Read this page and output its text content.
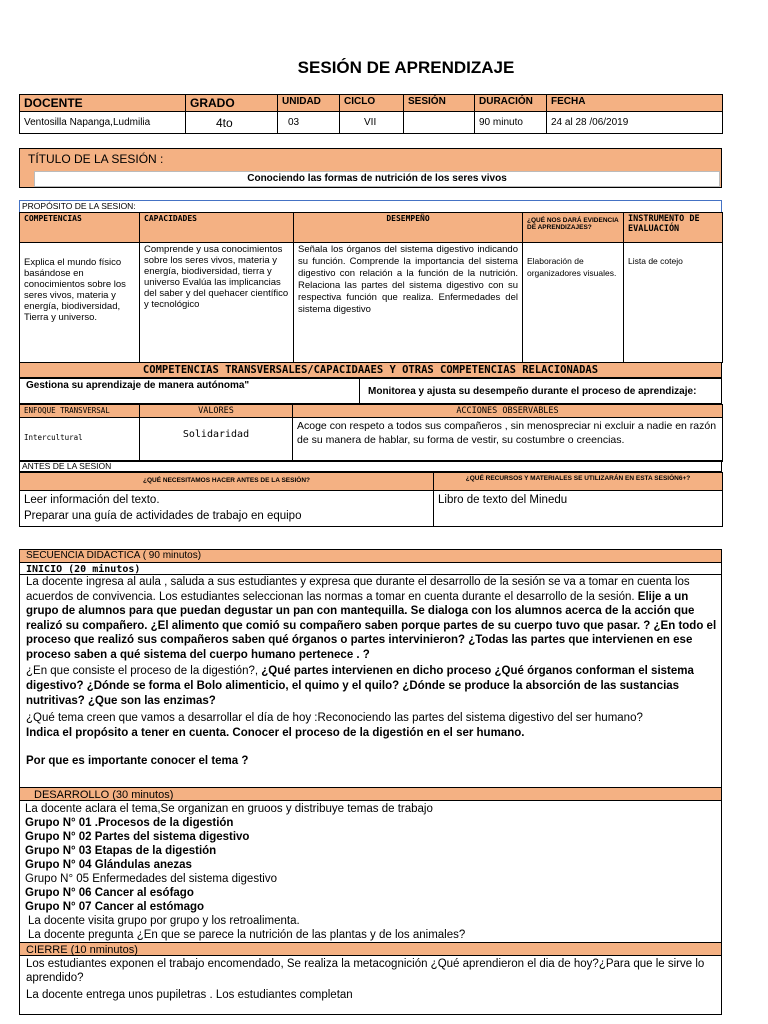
SESIÓN DE APRENDIZAJE
DOCENTE	GRADO	UNIDAD	CICLO	SESIÓN	DURACIÓN	FECHA
Ventosilla Napanga,Ludmilia	4to	03	VII		90 minuto	24 al 28 /06/2019
TÍTULO DE LA SESIÓN :
Conociendo las formas de nutrición de los seres vivos
PROPÓSITO DE LA SESION:
COMPETENCIAS	CAPACIDADES	DESEMPEÑO	¿QUÉ NOS DARÁ EVIDENCIA DE APRENDIZAJES?	INSTRUMENTO DE EVALUACIÓN
Explica el mundo físico basándose en conocimientos sobre los seres vivos, materia y energía, biodiversidad, Tierra y universo.	Comprende y usa conocimientos sobre los seres vivos, materia y energía, biodiversidad, tierra y universo Evalúa las implicancias del saber y del quehacer científico y tecnológico	Señala los órganos del sistema digestivo indicando su función. Comprende la importancia del sistema digestivo con relación a la función de la nutrición. Relaciona las partes del sistema digestivo con su respectiva función que realiza. Enfermedades del sistema digestivo	Elaboración de organizadores visuales.	Lista de cotejo
COMPETENCIAS TRANSVERSALES/CAPACIDAAES Y OTRAS COMPETENCIAS RELACIONADAS
Gestiona su aprendizaje de manera autónoma"
Monitorea y ajusta su desempeño durante el proceso de aprendizaje:
ENFOQUE TRANSVERSAL	VALORES	ACCIONES OBSERVABLES
Intercultural	Solidaridad	Acoge con respeto a todos sus compañeros , sin menospreciar ni excluir a nadie en razón de su manera de hablar, su forma de vestir, su costumbre o creencias.
ANTES DE LA SESION
¿QUÉ NECESITAMOS HACER ANTES DE LA SESIÓN?	¿QUÉ RECURSOS Y MATERIALES SE UTILIZARÁN EN ESTA SESIÓN6+?

Leer información del texto.
Preparar una guía de actividades de trabajo en equipo	Libro de texto del Minedu
SECUENCIA DIDÁCTICA ( 90 minutos)
INICIO (20 minutos)

La docente ingresa al aula , saluda a sus estudiantes y expresa que durante el desarrollo de la sesión se va a tomar en cuenta los acuerdos de convivencia. Los estudiantes seleccionan las normas a tomar en cuenta durante el desarrollo de la sesión. Elije a un grupo de alumnos para que puedan degustar un pan con mantequilla. Se dialoga con los alumnos acerca de la acción que realizó su compañero. ¿El alimento que comió su compañero saben porque partes de su cuerpo tuvo que pasar. ? ¿En todo el proceso que realizó sus compañeros saben qué órganos o partes intervinieron? ¿Todas las partes que intervienen en ese proceso saben a qué sistema del cuerpo humano pertenece . ?

¿En que consiste el proceso de la digestión?, ¿Qué partes intervienen en dicho proceso ¿Qué órganos conforman el sistema digestivo? ¿Dónde se forma el Bolo alimenticio, el quimo y el quilo? ¿Dónde se produce la absorción de las sustancias nutritivas? ¿Que son las enzimas?

¿Qué tema creen que vamos a desarrollar el día de hoy :Reconociendo las partes del sistema digestivo del ser humano?

Indica el propósito a tener en cuenta. Conocer el proceso de la digestión en el ser humano.

Por que es importante conocer el tema ?

DESARROLLO (30 minutos)

La docente aclara el tema,Se organizan en gruoos y distribuye temas de trabajo

Grupo N° 01 .Procesos de la digestión

Grupo N° 02 Partes del sistema digestivo

Grupo N° 03 Etapas de la digestión

Grupo N° 04 Glándulas anezas

Grupo N° 05 Enfermedades del sistema digestivo

Grupo N° 06 Cancer al esófago

Grupo N° 07 Cancer al estómago

La docente visita grupo por grupo y los retroalimenta.

La docente pregunta ¿En que se parece la nutrición de las plantas y de los animales?

CIERRE (10 nminutos)

Los estudiantes exponen el trabajo encomendado, Se realiza la metacognición ¿Qué aprendieron el dia de hoy?¿Para que le sirve lo aprendido?

La docente entrega unos pupiletras . Los estudiantes completan
